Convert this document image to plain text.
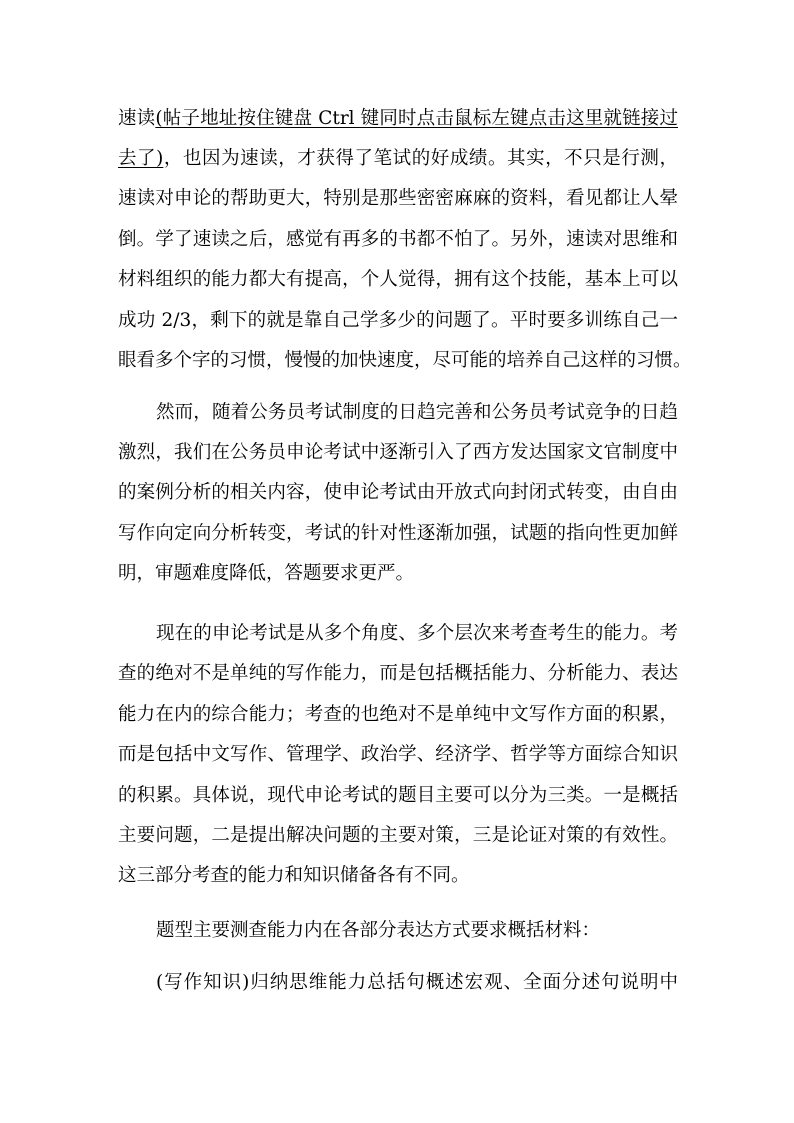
速读(帖子地址按住键盘 Ctrl 键同时点击鼠标左键点击这里就链接过
去了)，也因为速读，才获得了笔试的好成绩。其实，不只是行测，
速读对申论的帮助更大，特别是那些密密麻麻的资料，看见都让人晕
倒。学了速读之后，感觉有再多的书都不怕了。另外，速读对思维和
材料组织的能力都大有提高，个人觉得，拥有这个技能，基本上可以
成功 2/3，剩下的就是靠自己学多少的问题了。平时要多训练自己一
眼看多个字的习惯，慢慢的加快速度，尽可能的培养自己这样的习惯。
然而，随着公务员考试制度的日趋完善和公务员考试竞争的日趋
激烈，我们在公务员申论考试中逐渐引入了西方发达国家文官制度中
的案例分析的相关内容，使申论考试由开放式向封闭式转变，由自由
写作向定向分析转变，考试的针对性逐渐加强，试题的指向性更加鲜
明，审题难度降低，答题要求更严。
现在的申论考试是从多个角度、多个层次来考查考生的能力。考
查的绝对不是单纯的写作能力，而是包括概括能力、分析能力、表达
能力在内的综合能力；考查的也绝对不是单纯中文写作方面的积累，
而是包括中文写作、管理学、政治学、经济学、哲学等方面综合知识
的积累。具体说，现代申论考试的题目主要可以分为三类。一是概括
主要问题，二是提出解决问题的主要对策，三是论证对策的有效性。
这三部分考查的能力和知识储备各有不同。
题型主要测查能力内在各部分表达方式要求概括材料：
(写作知识)归纳思维能力总括句概述宏观、全面分述句说明中
